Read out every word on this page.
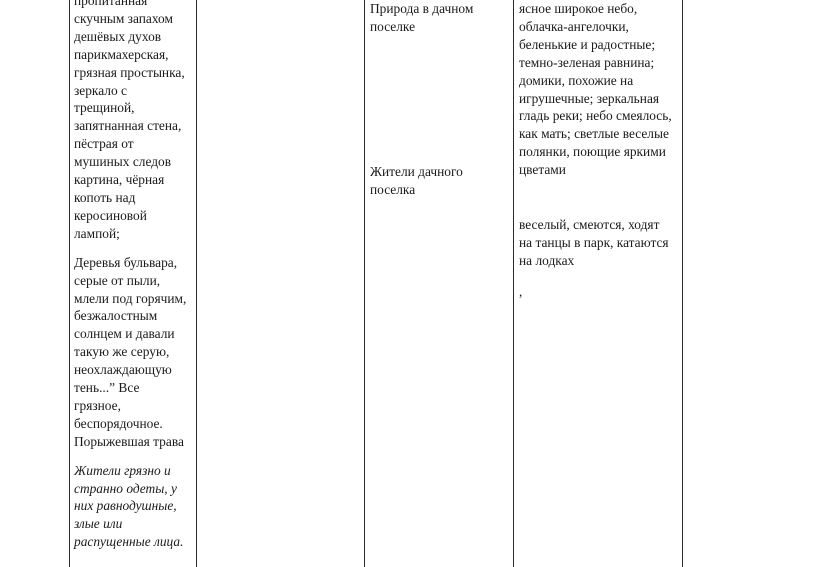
пропитанная
скучным запахом
дешёвых духов
парикмахерская,
грязная простынка,
зеркало с
трещиной,
запятнанная стена,
пёстрая от
мушиных следов
картина, чёрная
копоть над
керосиновой
лампой;

Деревья бульвара,
серые от пыли,
млели под горячим,
безжалостным
солнцем и давали
такую же серую,
неохлаждающую
тень...” Все
грязное,
беспорядочное.
Порыжевшая трава

Жители грязно и
странно одеты, у
них равнодушные,
злые или
распущенные лица.

Природа в дачном
поселке

Жители дачного
поселка

ясное широкое небо,
облачка-ангелочки,
беленькие и радостные;
темно-зеленая равнина;
домики, похожие на
игрушечные; зеркальная
гладь реки; небо смеялось,
как мать; светлые веселые
полянки, поющие яркими
цветами

веселый, смеются, ходят
на танцы в парк, катаются
на лодках

,
